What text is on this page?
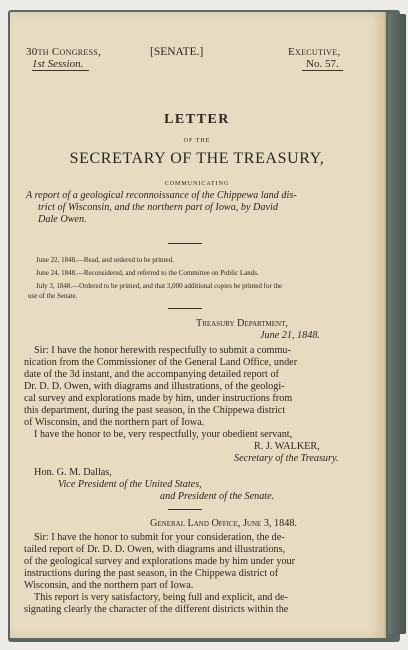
30th Congress,
1st Session.
[SENATE.]	Executive,
No. 57.
LETTER
OF THE
SECRETARY OF THE TREASURY,
COMMUNICATING
A report of a geological reconnoissance of the Chippewa land dis-
trict of Wisconsin, and the northern part of Iowa, by David
Dale Owen.
June 22, 1848.—Read, and ordered to be printed.
June 24, 1848.—Reconsidered, and referred to the Committee on Public Lands.
July 3, 1848.—Ordered to be printed, and that 3,000 additional copies be printed for the
use of the Senate.
Treasury Department,
June 21, 1848.
Sir: I have the honor herewith respectfully to submit a commu-
nication from the Commissioner of the General Land Office, under
date of the 3d instant, and the accompanying detailed report of
Dr. D. D. Owen, with diagrams and illustrations, of the geologi-
cal survey and explorations made by him, under instructions from
this department, during the past season, in the Chippewa district
of Wisconsin, and the northern part of Iowa.
I have the honor to be, very respectfully, your obedient servant,
R. J. WALKER,
Secretary of the Treasury.
Hon. G. M. Dallas,
Vice President of the United States,
and President of the Senate.
General Land Office, June 3, 1848.
Sir: I have the honor to submit for your consideration, the de-
tailed report of Dr. D. D. Owen, with diagrams and illustrations,
of the geological survey and explorations made by him under your
instructions during the past season, in the Chippewa district of
Wisconsin, and the northern part of Iowa.
This report is very satisfactory, being full and explicit, and de-
signating clearly the character of the different districts within the
